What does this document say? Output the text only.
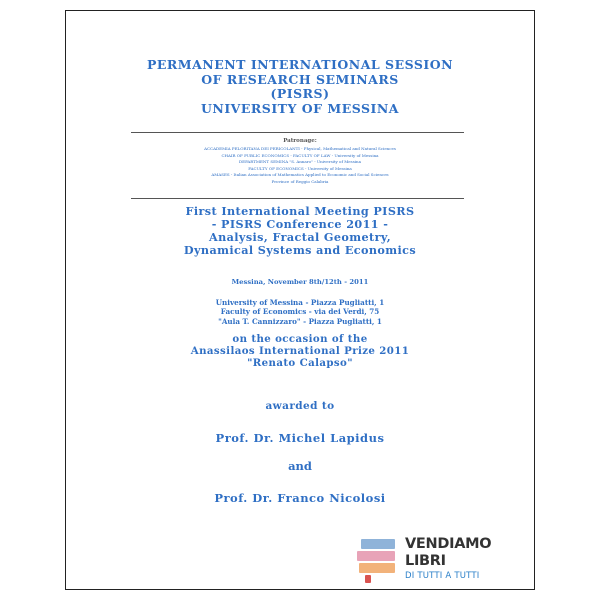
PERMANENT INTERNATIONAL SESSION
OF RESEARCH SEMINARS
(PISRS)
UNIVERSITY OF MESSINA
Patronage:
ACCADEMIA PELORITANA DEI PERICOLANTI - Physical, Mathematical and Natural Sciences
CHAIR OF PUBLIC ECONOMICS - FACULTY OF LAW - University of Messina
DEPARTMENT SEMINA "S. Annaro" - University of Messina
FACULTY OF ECONOMICS - University of Messina
AMASES - Italian Association of Mathematics Applied to Economic and Social Sciences
Province of Reggio Calabria
First International Meeting PISRS
- PISRS Conference 2011 -
Analysis, Fractal Geometry,
Dynamical Systems and Economics
Messina, November 8th/12th - 2011
University of Messina - Piazza Pugliatti, 1
Faculty of Economics - via dei Verdi, 75
"Aula T. Cannizzaro" - Piazza Pugliatti, 1
on the occasion of the
Anassilaos International Prize 2011
"Renato Calapso"
awarded to
Prof. Dr. Michel Lapidus
and
Prof. Dr. Franco Nicolosi
VENDIAMO
LIBRI
DI TUTTI A TUTTI
